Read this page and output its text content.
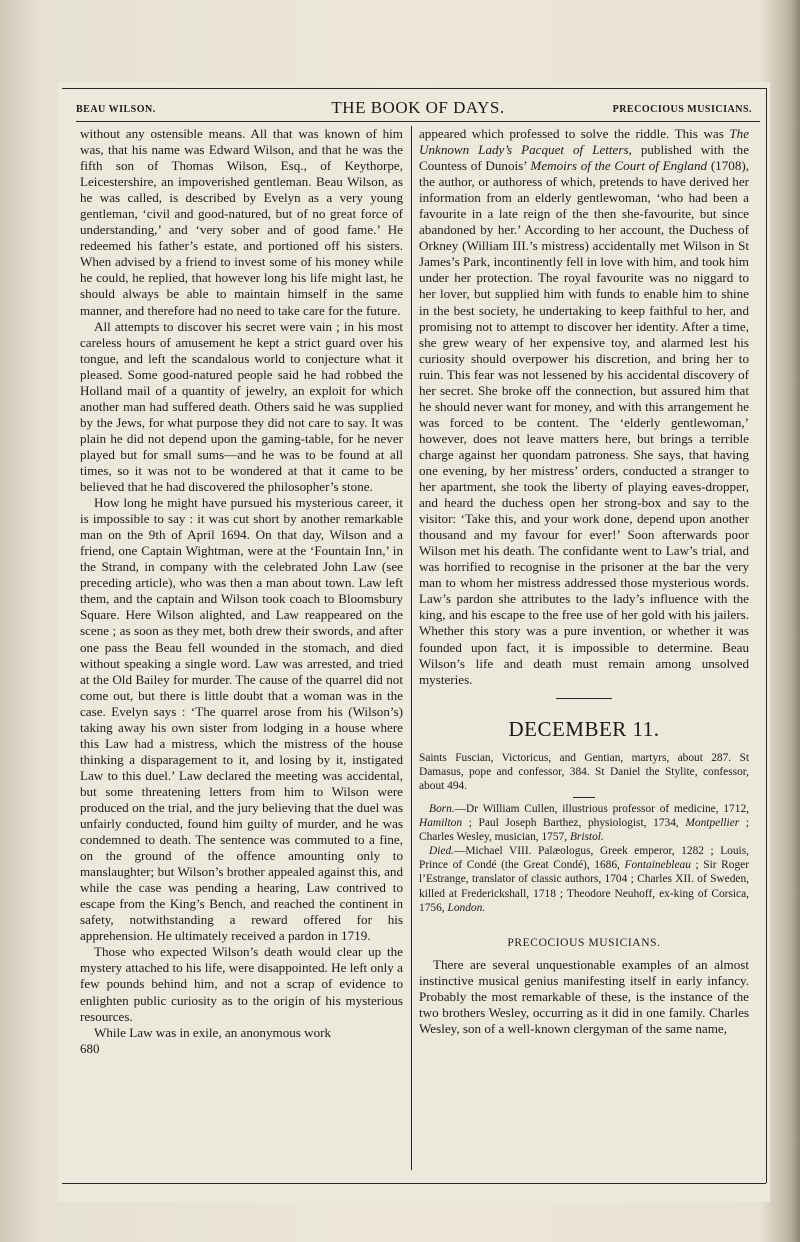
BEAU WILSON.	THE BOOK OF DAYS.	PRECOCIOUS MUSICIANS.

without any ostensible means. All that was known of him was, that his name was Edward Wilson, and that he was the fifth son of Thomas Wilson, Esq., of Keythorpe, Leicestershire, an impoverished gentleman. Beau Wilson, as he was called, is described by Evelyn as a very young gentleman, ‘civil and good-natured, but of no great force of understanding,’ and ‘very sober and of good fame.’ He redeemed his father’s estate, and portioned off his sisters. When advised by a friend to invest some of his money while he could, he replied, that however long his life might last, he should always be able to maintain himself in the same manner, and therefore had no need to take care for the future.

All attempts to discover his secret were vain ; in his most careless hours of amusement he kept a strict guard over his tongue, and left the scandalous world to conjecture what it pleased. Some good-natured people said he had robbed the Holland mail of a quantity of jewelry, an exploit for which another man had suffered death. Others said he was supplied by the Jews, for what purpose they did not care to say. It was plain he did not depend upon the gaming-table, for he never played but for small sums—and he was to be found at all times, so it was not to be wondered at that it came to be believed that he had discovered the philosopher’s stone.

How long he might have pursued his mysterious career, it is impossible to say : it was cut short by another remarkable man on the 9th of April 1694. On that day, Wilson and a friend, one Captain Wightman, were at the ‘Fountain Inn,’ in the Strand, in company with the celebrated John Law (see preceding article), who was then a man about town. Law left them, and the captain and Wilson took coach to Bloomsbury Square. Here Wilson alighted, and Law reappeared on the scene ; as soon as they met, both drew their swords, and after one pass the Beau fell wounded in the stomach, and died without speaking a single word. Law was arrested, and tried at the Old Bailey for murder. The cause of the quarrel did not come out, but there is little doubt that a woman was in the case. Evelyn says : ‘The quarrel arose from his (Wilson’s) taking away his own sister from lodging in a house where this Law had a mistress, which the mistress of the house thinking a disparagement to it, and losing by it, instigated Law to this duel.’ Law declared the meeting was accidental, but some threatening letters from him to Wilson were produced on the trial, and the jury believing that the duel was unfairly conducted, found him guilty of murder, and he was condemned to death. The sentence was commuted to a fine, on the ground of the offence amounting only to manslaughter; but Wilson’s brother appealed against this, and while the case was pending a hearing, Law contrived to escape from the King’s Bench, and reached the continent in safety, notwithstanding a reward offered for his apprehension. He ultimately received a pardon in 1719.

Those who expected Wilson’s death would clear up the mystery attached to his life, were disappointed. He left only a few pounds behind him, and not a scrap of evidence to enlighten public curiosity as to the origin of his mysterious resources.

While Law was in exile, an anonymous work

680

appeared which professed to solve the riddle. This was The Unknown Lady’s Pacquet of Letters, published with the Countess of Dunois’ Memoirs of the Court of England (1708), the author, or authoress of which, pretends to have derived her information from an elderly gentlewoman, ‘who had been a favourite in a late reign of the then she-favourite, but since abandoned by her.’ According to her account, the Duchess of Orkney (William III.’s mistress) accidentally met Wilson in St James’s Park, incontinently fell in love with him, and took him under her protection. The royal favourite was no niggard to her lover, but supplied him with funds to enable him to shine in the best society, he undertaking to keep faithful to her, and promising not to attempt to discover her identity. After a time, she grew weary of her expensive toy, and alarmed lest his curiosity should overpower his discretion, and bring her to ruin. This fear was not lessened by his accidental discovery of her secret. She broke off the connection, but assured him that he should never want for money, and with this arrangement he was forced to be content. The ‘elderly gentlewoman,’ however, does not leave matters here, but brings a terrible charge against her quondam patroness. She says, that having one evening, by her mistress’ orders, conducted a stranger to her apartment, she took the liberty of playing eaves-dropper, and heard the duchess open her strong-box and say to the visitor: ‘Take this, and your work done, depend upon another thousand and my favour for ever!’ Soon afterwards poor Wilson met his death. The confidante went to Law’s trial, and was horrified to recognise in the prisoner at the bar the very man to whom her mistress addressed those mysterious words. Law’s pardon she attributes to the lady’s influence with the king, and his escape to the free use of her gold with his jailers. Whether this story was a pure invention, or whether it was founded upon fact, it is impossible to determine. Beau Wilson’s life and death must remain among unsolved mysteries.

DECEMBER 11.

Saints Fuscian, Victoricus, and Gentian, martyrs, about 287. St Damasus, pope and confessor, 384. St Daniel the Stylite, confessor, about 494.

Born.—Dr William Cullen, illustrious professor of medicine, 1712, Hamilton ; Paul Joseph Barthez, physiologist, 1734, Montpellier ; Charles Wesley, musician, 1757, Bristol.

Died.—Michael VIII. Palæologus, Greek emperor, 1282 ; Louis, Prince of Condé (the Great Condé), 1686, Fontainebleau ; Sir Roger l’Estrange, translator of classic authors, 1704 ; Charles XII. of Sweden, killed at Frederickshall, 1718 ; Theodore Neuhoff, ex-king of Corsica, 1756, London.

PRECOCIOUS MUSICIANS.

There are several unquestionable examples of an almost instinctive musical genius manifesting itself in early infancy. Probably the most remarkable of these, is the instance of the two brothers Wesley, occurring as it did in one family. Charles Wesley, son of a well-known clergyman of the same name,
